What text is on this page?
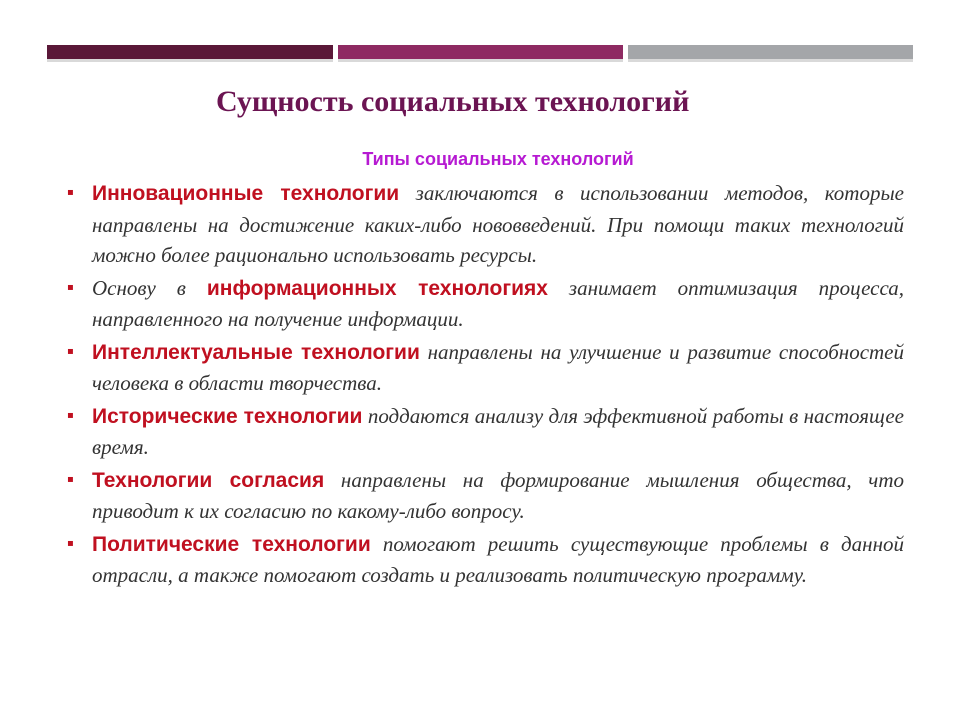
Сущность социальных технологий
Типы социальных технологий
▪ Инновационные технологии заключаются в использовании методов, которые направлены на достижение каких-либо нововведений. При помощи таких технологий можно более рационально использовать ресурсы.
▪ Основу в информационных технологиях занимает оптимизация процесса, направленного на получение информации.
▪ Интеллектуальные технологии направлены на улучшение и развитие способностей человека в области творчества.
▪ Исторические технологии поддаются анализу для эффективной работы в настоящее время.
▪ Технологии согласия направлены на формирование мышления общества, что приводит к их согласию по какому-либо вопросу.
▪ Политические технологии помогают решить существующие проблемы в данной отрасли, а также помогают создать и реализовать политическую программу.
